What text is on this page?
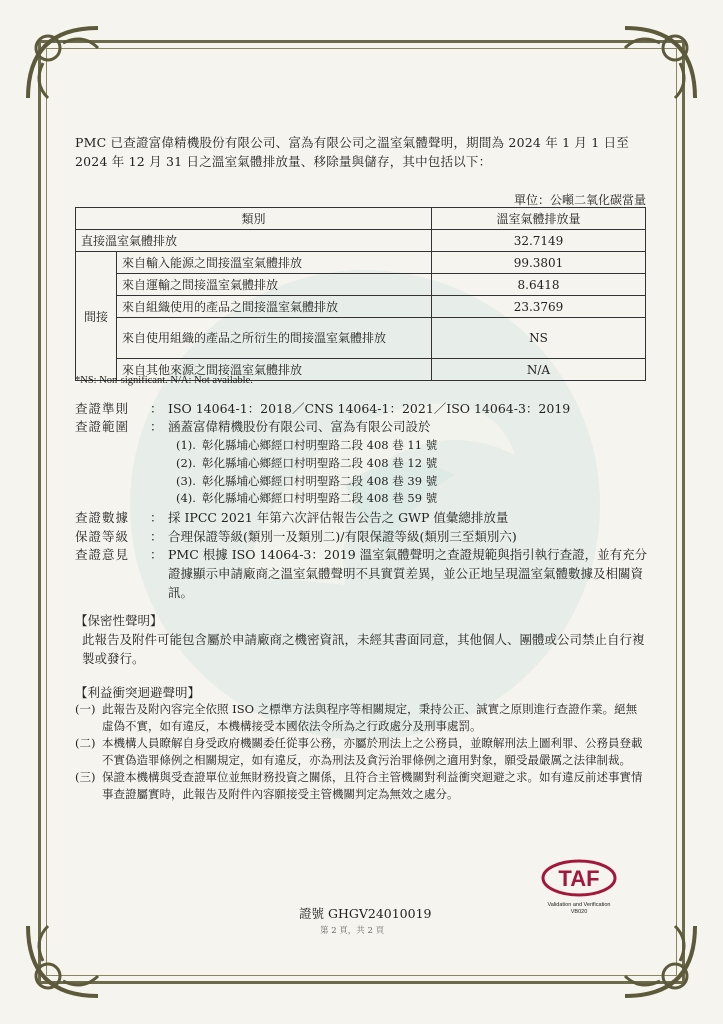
PMC 已查證富偉精機股份有限公司、富為有限公司之溫室氣體聲明，期間為 2024 年 1 月 1 日至 2024 年 12 月 31 日之溫室氣體排放量、移除量與儲存，其中包括以下：
單位：公噸二氧化碳當量
類別		溫室氣體排放量
直接溫室氣體排放		32.7149
間接	來自輸入能源之間接溫室氣體排放	99.3801
	來自運輸之間接溫室氣體排放	8.6418
	來自組織使用的產品之間接溫室氣體排放	23.3769
	來自使用組織的產品之所衍生的間接溫室氣體排放	NS
	來自其他來源之間接溫室氣體排放	N/A
*NS: Non-significant. N/A: Not available.
查證準則	： ISO 14064-1：2018／CNS 14064-1：2021／ISO 14064-3：2019
查證範圍	： 涵蓋富偉精機股份有限公司、富為有限公司設於
(1). 彰化縣埔心鄉經口村明聖路二段 408 巷 11 號
(2). 彰化縣埔心鄉經口村明聖路二段 408 巷 12 號
(3). 彰化縣埔心鄉經口村明聖路二段 408 巷 39 號
(4). 彰化縣埔心鄉經口村明聖路二段 408 巷 59 號
查證數據	： 採 IPCC 2021 年第六次評估報告公告之 GWP 值彙總排放量
保證等級	： 合理保證等級(類別一及類別二)/有限保證等級(類別三至類別六)
查證意見	： PMC 根據 ISO 14064-3：2019 溫室氣體聲明之查證規範與指引執行查證，並有充分證據顯示申請廠商之溫室氣體聲明不具實質差異，並公正地呈現溫室氣體數據及相關資訊。
【保密性聲明】
此報告及附件可能包含屬於申請廠商之機密資訊，未經其書面同意，其他個人、團體或公司禁止自行複製或發行。
【利益衝突迴避聲明】
(一) 此報告及附內容完全依照 ISO 之標準方法與程序等相關規定，秉持公正、誠實之原則進行查證作業。絕無虛偽不實，如有違反，本機構接受本國依法令所為之行政處分及刑事處罰。
(二) 本機構人員瞭解自身受政府機關委任從事公務，亦屬於刑法上之公務員，並瞭解刑法上圖利罪、公務員登載不實偽造罪條例之相關規定，如有違反，亦為刑法及貪污治罪條例之適用對象，願受最嚴厲之法律制裁。
(三) 保證本機構與受查證單位並無財務投資之關係，且符合主管機關對利益衝突迴避之求。如有違反前述事實情事查證屬實時，此報告及附件內容願接受主管機關判定為無效之處分。
TAF
Validation and Verification
VB020
證號 GHGV24010019
第 2 頁，共 2 頁
